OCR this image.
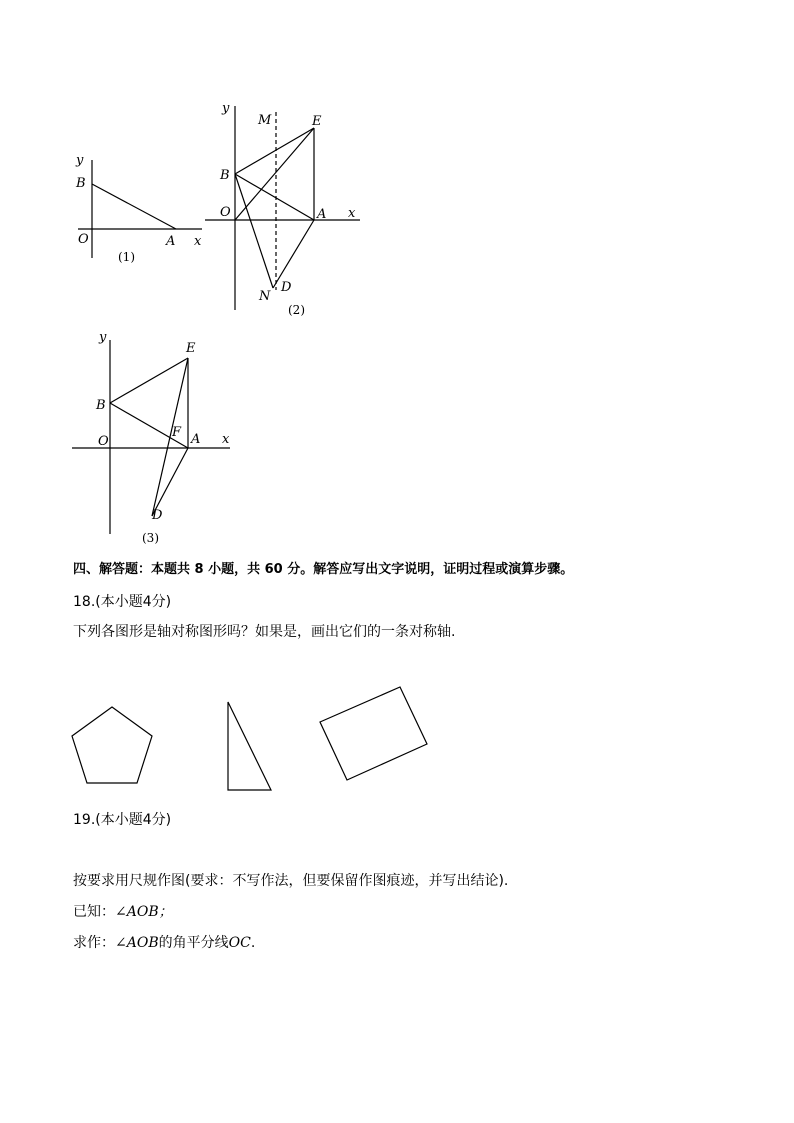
y
B
O	A x
(1)
y
M	E
B
O	A x
N
D
(2)
y
E
B
F
O	A x
D
(3)
四、解答题：本题共 8 小题，共 60 分。解答应写出文字说明，证明过程或演算步骤。
18.(本小题4分)
下列各图形是轴对称图形吗？如果是，画出它们的一条对称轴.
19.(本小题4分)
按要求用尺规作图(要求：不写作法，但要保留作图痕迹，并写出结论).
已知：∠AOB；
求作：∠AOB的角平分线OC.
